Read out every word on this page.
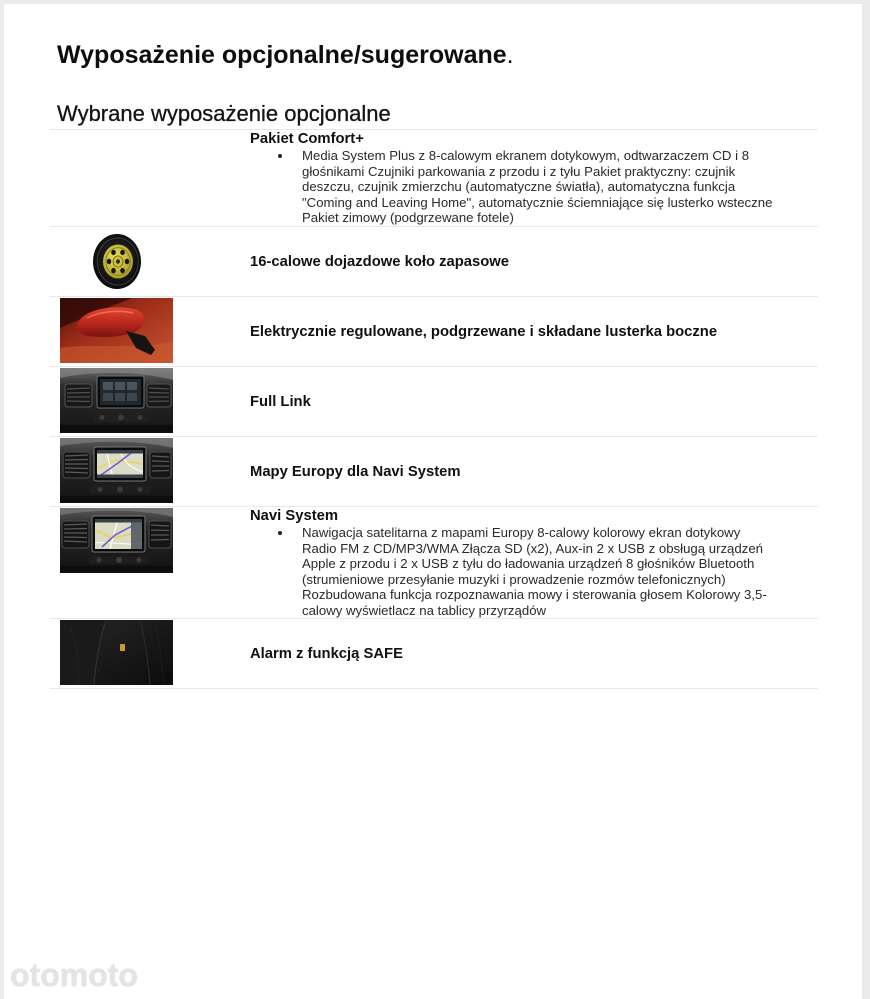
Wyposażenie opcjonalne/sugerowane.
Wybrane wyposażenie opcjonalne
Pakiet Comfort+
Media System Plus z 8-calowym ekranem dotykowym, odtwarzaczem CD i 8
głośnikami Czujniki parkowania z przodu i z tyłu Pakiet praktyczny: czujnik
deszczu, czujnik zmierzchu (automatyczne światła), automatyczna funkcja
"Coming and Leaving Home", automatycznie ściemniające się lusterko wsteczne
Pakiet zimowy (podgrzewane fotele)
16-calowe dojazdowe koło zapasowe
Elektrycznie regulowane, podgrzewane i składane lusterka boczne
Full Link
Mapy Europy dla Navi System
Navi System
Nawigacja satelitarna z mapami Europy 8-calowy kolorowy ekran dotykowy
Radio FM z CD/MP3/WMA Złącza SD (x2), Aux-in 2 x USB z obsługą urządzeń
Apple z przodu i 2 x USB z tyłu do ładowania urządzeń 8 głośników Bluetooth
(strumieniowe przesyłanie muzyki i prowadzenie rozmów telefonicznych)
Rozbudowana funkcja rozpoznawania mowy i sterowania głosem Kolorowy 3,5-
calowy wyświetlacz na tablicy przyrządów
Alarm z funkcją SAFE
otomoto
